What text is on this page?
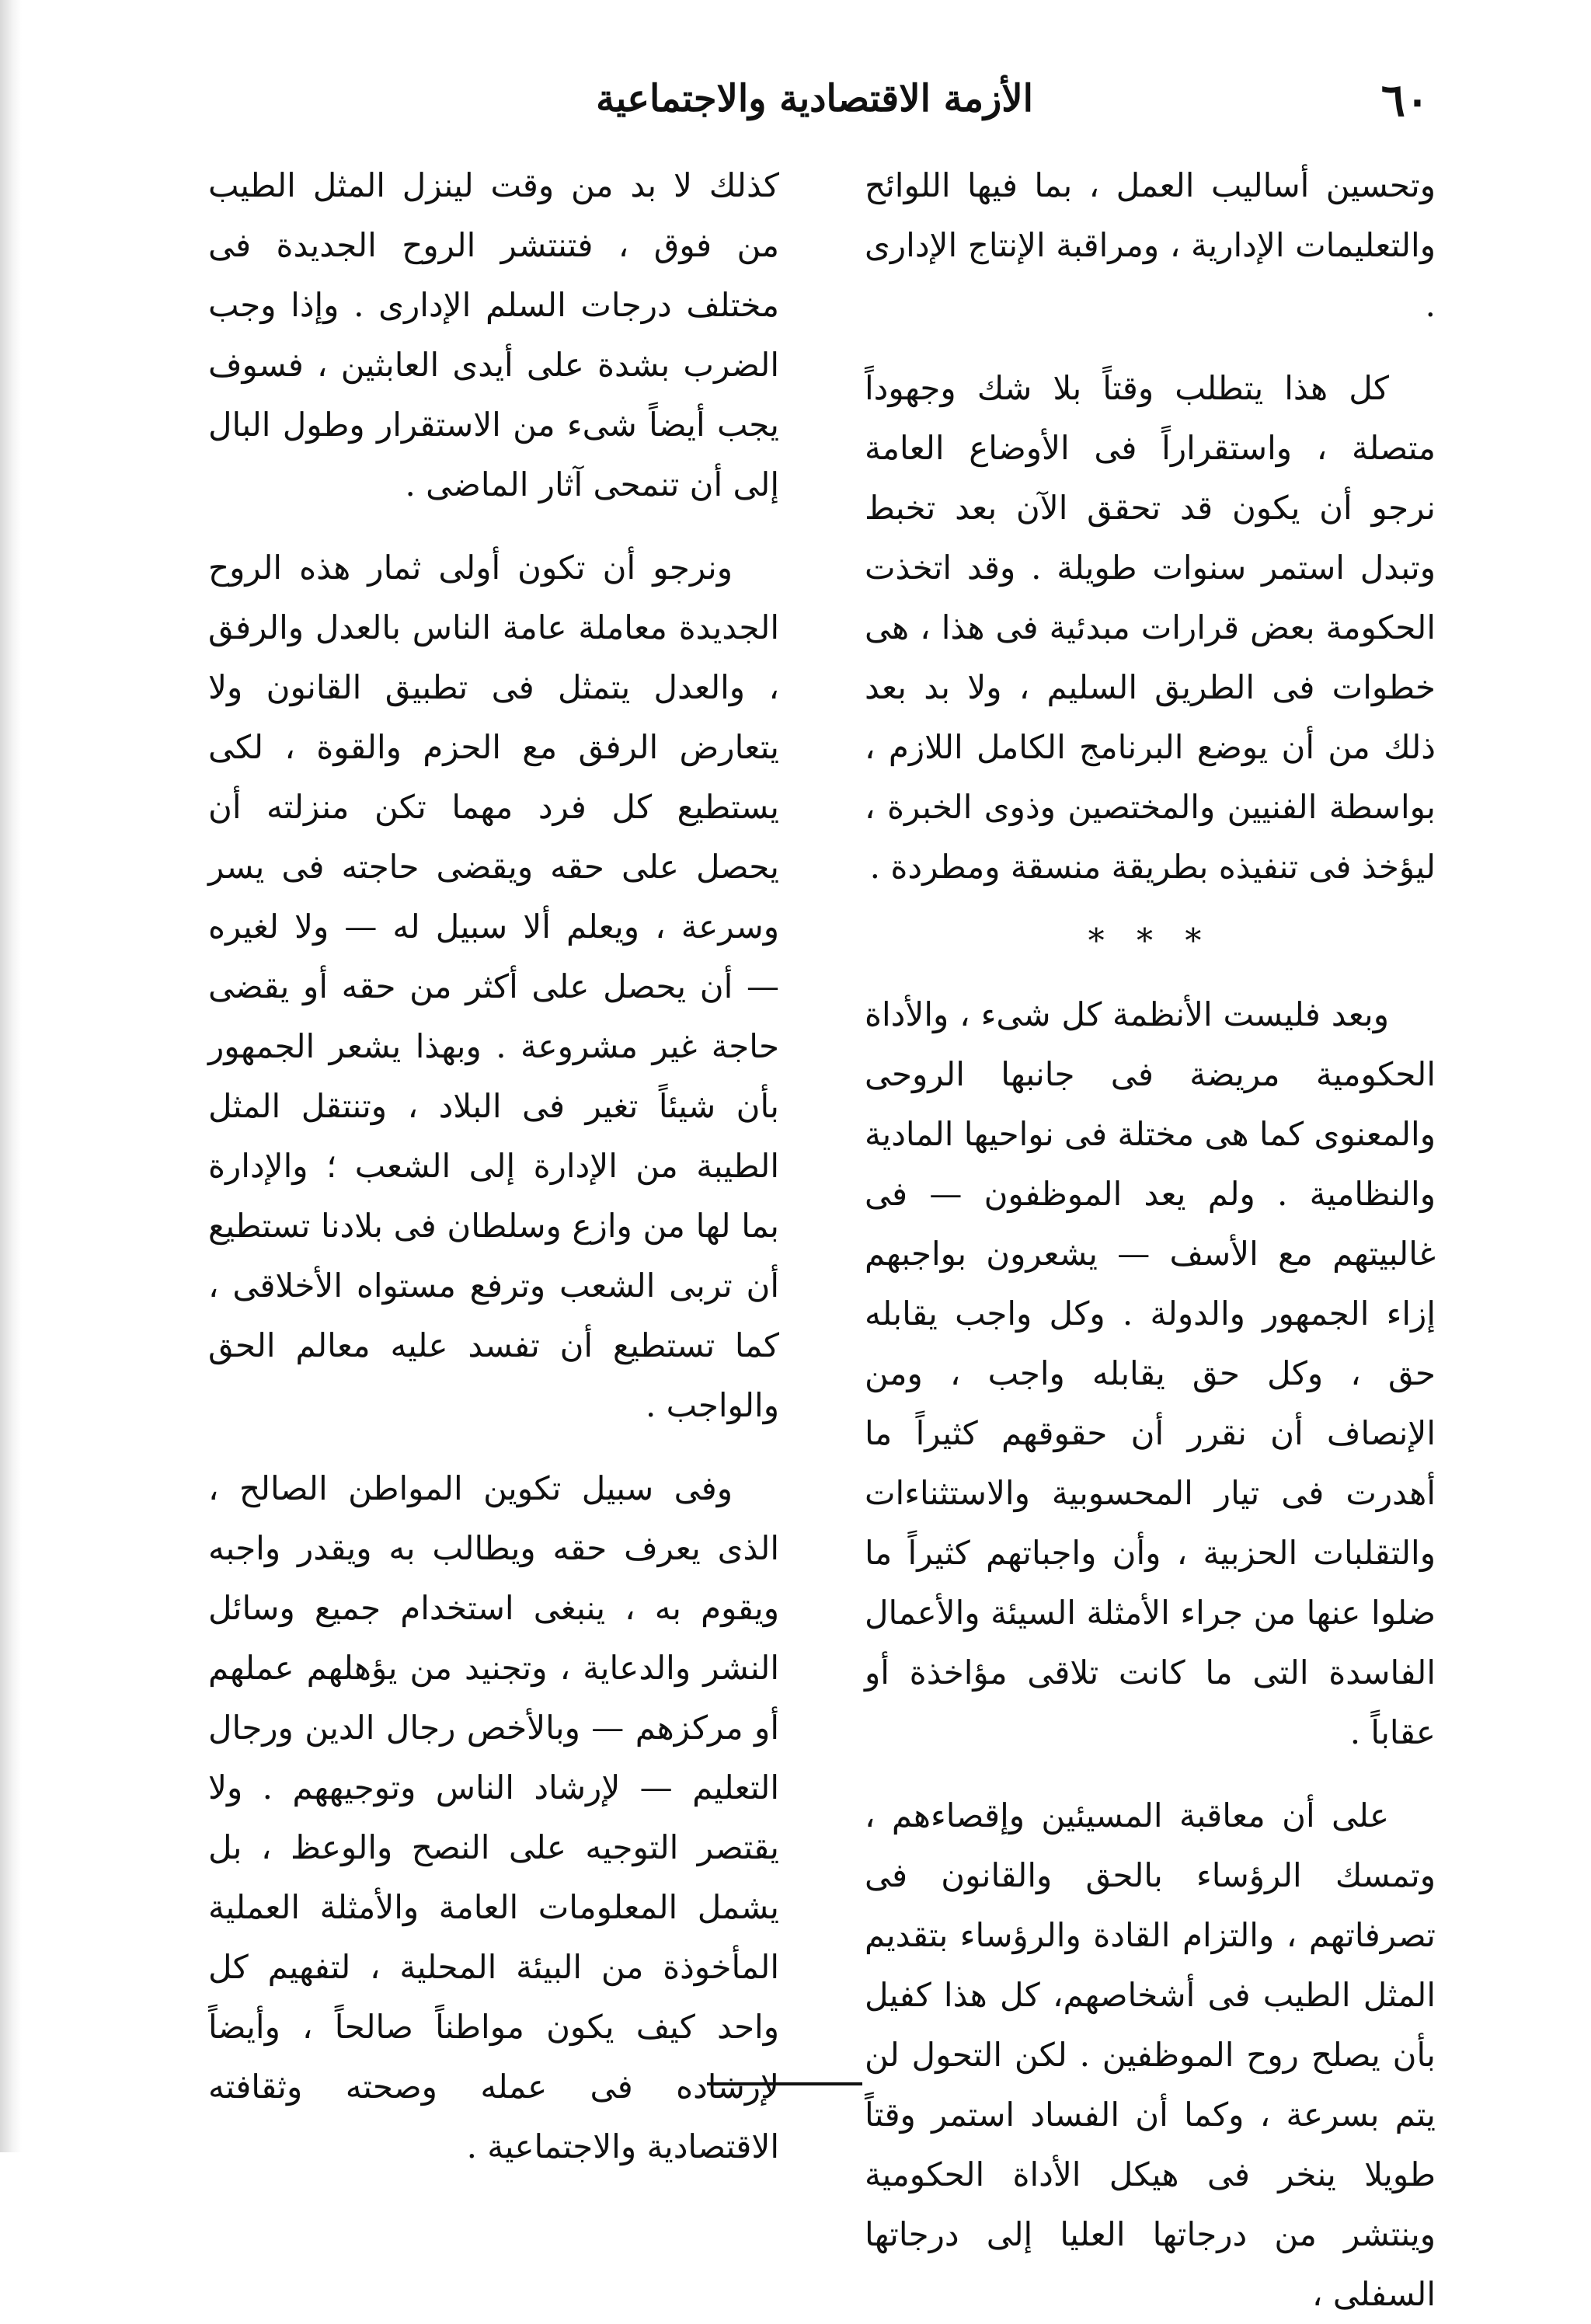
٦٠
الأزمة الاقتصادية والاجتماعية

وتحسين أساليب العمل ، بما فيها اللوائح والتعليمات الإدارية ، ومراقبة الإنتاج الإدارى .

كل هذا يتطلب وقتاً بلا شك وجهوداً متصلة ، واستقراراً فى الأوضاع العامة نرجو أن يكون قد تحقق الآن بعد تخبط وتبدل استمر سنوات طويلة . وقد اتخذت الحكومة بعض قرارات مبدئية فى هذا ، هى خطوات فى الطريق السليم ، ولا بد بعد ذلك من أن يوضع البرنامج الكامل اللازم ، بواسطة الفنيين والمختصين وذوى الخبرة ، ليؤخذ فى تنفيذه بطريقة منسقة ومطردة .

* * *

وبعد فليست الأنظمة كل شىء ، والأداة الحكومية مريضة فى جانبها الروحى والمعنوى كما هى مختلة فى نواحيها المادية والنظامية . ولم يعد الموظفون — فى غالبيتهم مع الأسف — يشعرون بواجبهم إزاء الجمهور والدولة . وكل واجب يقابله حق ، وكل حق يقابله واجب ، ومن الإنصاف أن نقرر أن حقوقهم كثيراً ما أهدرت فى تيار المحسوبية والاستثناءات والتقلبات الحزبية ، وأن واجباتهم كثيراً ما ضلوا عنها من جراء الأمثلة السيئة والأعمال الفاسدة التى ما كانت تلاقى مؤاخذة أو عقاباً .

على أن معاقبة المسيئين وإقصاءهم ، وتمسك الرؤساء بالحق والقانون فى تصرفاتهم ، والتزام القادة والرؤساء بتقديم المثل الطيب فى أشخاصهم، كل هذا كفيل بأن يصلح روح الموظفين . لكن التحول لن يتم بسرعة ، وكما أن الفساد استمر وقتاً طويلا ينخر فى هيكل الأداة الحكومية وينتشر من درجاتها العليا إلى درجاتها السفلى ،

كذلك لا بد من وقت لينزل المثل الطيب من فوق ، فتنتشر الروح الجديدة فى مختلف درجات السلم الإدارى . وإذا وجب الضرب بشدة على أيدى العابثين ، فسوف يجب أيضاً شىء من الاستقرار وطول البال إلى أن تنمحى آثار الماضى .

ونرجو أن تكون أولى ثمار هذه الروح الجديدة معاملة عامة الناس بالعدل والرفق ، والعدل يتمثل فى تطبيق القانون ولا يتعارض الرفق مع الحزم والقوة ، لكى يستطيع كل فرد مهما تكن منزلته أن يحصل على حقه ويقضى حاجته فى يسر وسرعة ، ويعلم ألا سبيل له — ولا لغيره — أن يحصل على أكثر من حقه أو يقضى حاجة غير مشروعة . وبهذا يشعر الجمهور بأن شيئاً تغير فى البلاد ، وتنتقل المثل الطيبة من الإدارة إلى الشعب ؛ والإدارة بما لها من وازع وسلطان فى بلادنا تستطيع أن تربى الشعب وترفع مستواه الأخلاقى ، كما تستطيع أن تفسد عليه معالم الحق والواجب .

وفى سبيل تكوين المواطن الصالح ، الذى يعرف حقه ويطالب به ويقدر واجبه ويقوم به ، ينبغى استخدام جميع وسائل النشر والدعاية ، وتجنيد من يؤهلهم عملهم أو مركزهم — وبالأخص رجال الدين ورجال التعليم — لإرشاد الناس وتوجيههم . ولا يقتصر التوجيه على النصح والوعظ ، بل يشمل المعلومات العامة والأمثلة العملية المأخوذة من البيئة المحلية ، لتفهيم كل واحد كيف يكون مواطناً صالحاً ، وأيضاً لإرشاده فى عمله وصحته وثقافته الاقتصادية والاجتماعية .
